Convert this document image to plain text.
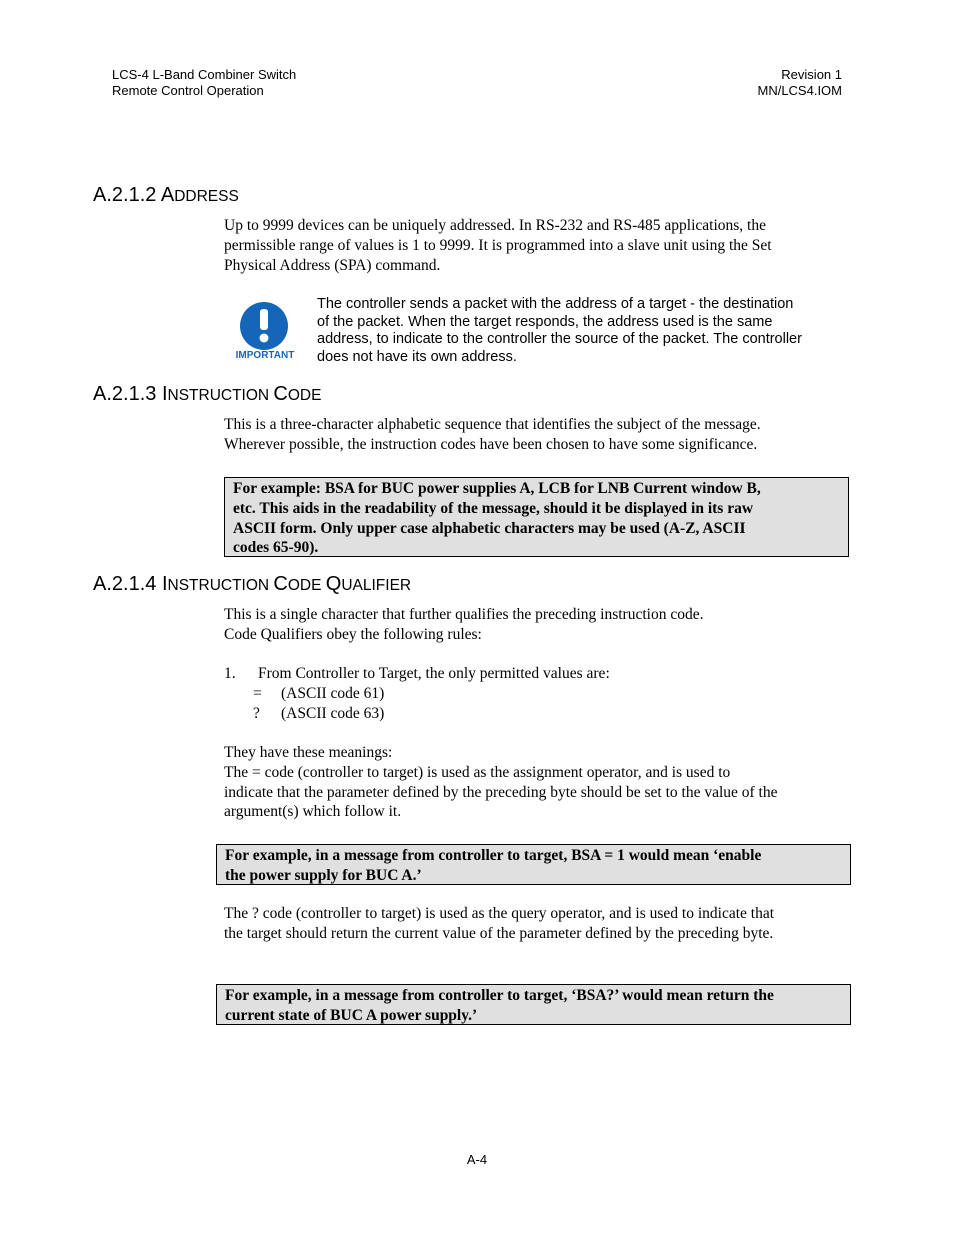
LCS-4 L-Band Combiner Switch
Remote Control Operation
Revision 1
MN/LCS4.IOM
A.2.1.2 ADDRESS
Up to 9999 devices can be uniquely addressed. In RS-232 and RS-485 applications, the
permissible range of values is 1 to 9999. It is programmed into a slave unit using the Set
Physical Address (SPA) command.
IMPORTANT
The controller sends a packet with the address of a target - the destination
of the packet. When the target responds, the address used is the same
address, to indicate to the controller the source of the packet. The controller
does not have its own address.
A.2.1.3 INSTRUCTION CODE
This is a three-character alphabetic sequence that identifies the subject of the message.
Wherever possible, the instruction codes have been chosen to have some significance.
For example: BSA for BUC power supplies A, LCB for LNB Current window B,
etc. This aids in the readability of the message, should it be displayed in its raw
ASCII form. Only upper case alphabetic characters may be used (A-Z, ASCII
codes 65-90).
A.2.1.4 INSTRUCTION CODE QUALIFIER
This is a single character that further qualifies the preceding instruction code.
Code Qualifiers obey the following rules:
1. From Controller to Target, the only permitted values are:
= (ASCII code 61)
? (ASCII code 63)
They have these meanings:
The = code (controller to target) is used as the assignment operator, and is used to
indicate that the parameter defined by the preceding byte should be set to the value of the
argument(s) which follow it.
For example, in a message from controller to target, BSA = 1 would mean ‘enable
the power supply for BUC A.’
The ? code (controller to target) is used as the query operator, and is used to indicate that
the target should return the current value of the parameter defined by the preceding byte.
For example, in a message from controller to target, ‘BSA?’ would mean return the
current state of BUC A power supply.’
A-4
